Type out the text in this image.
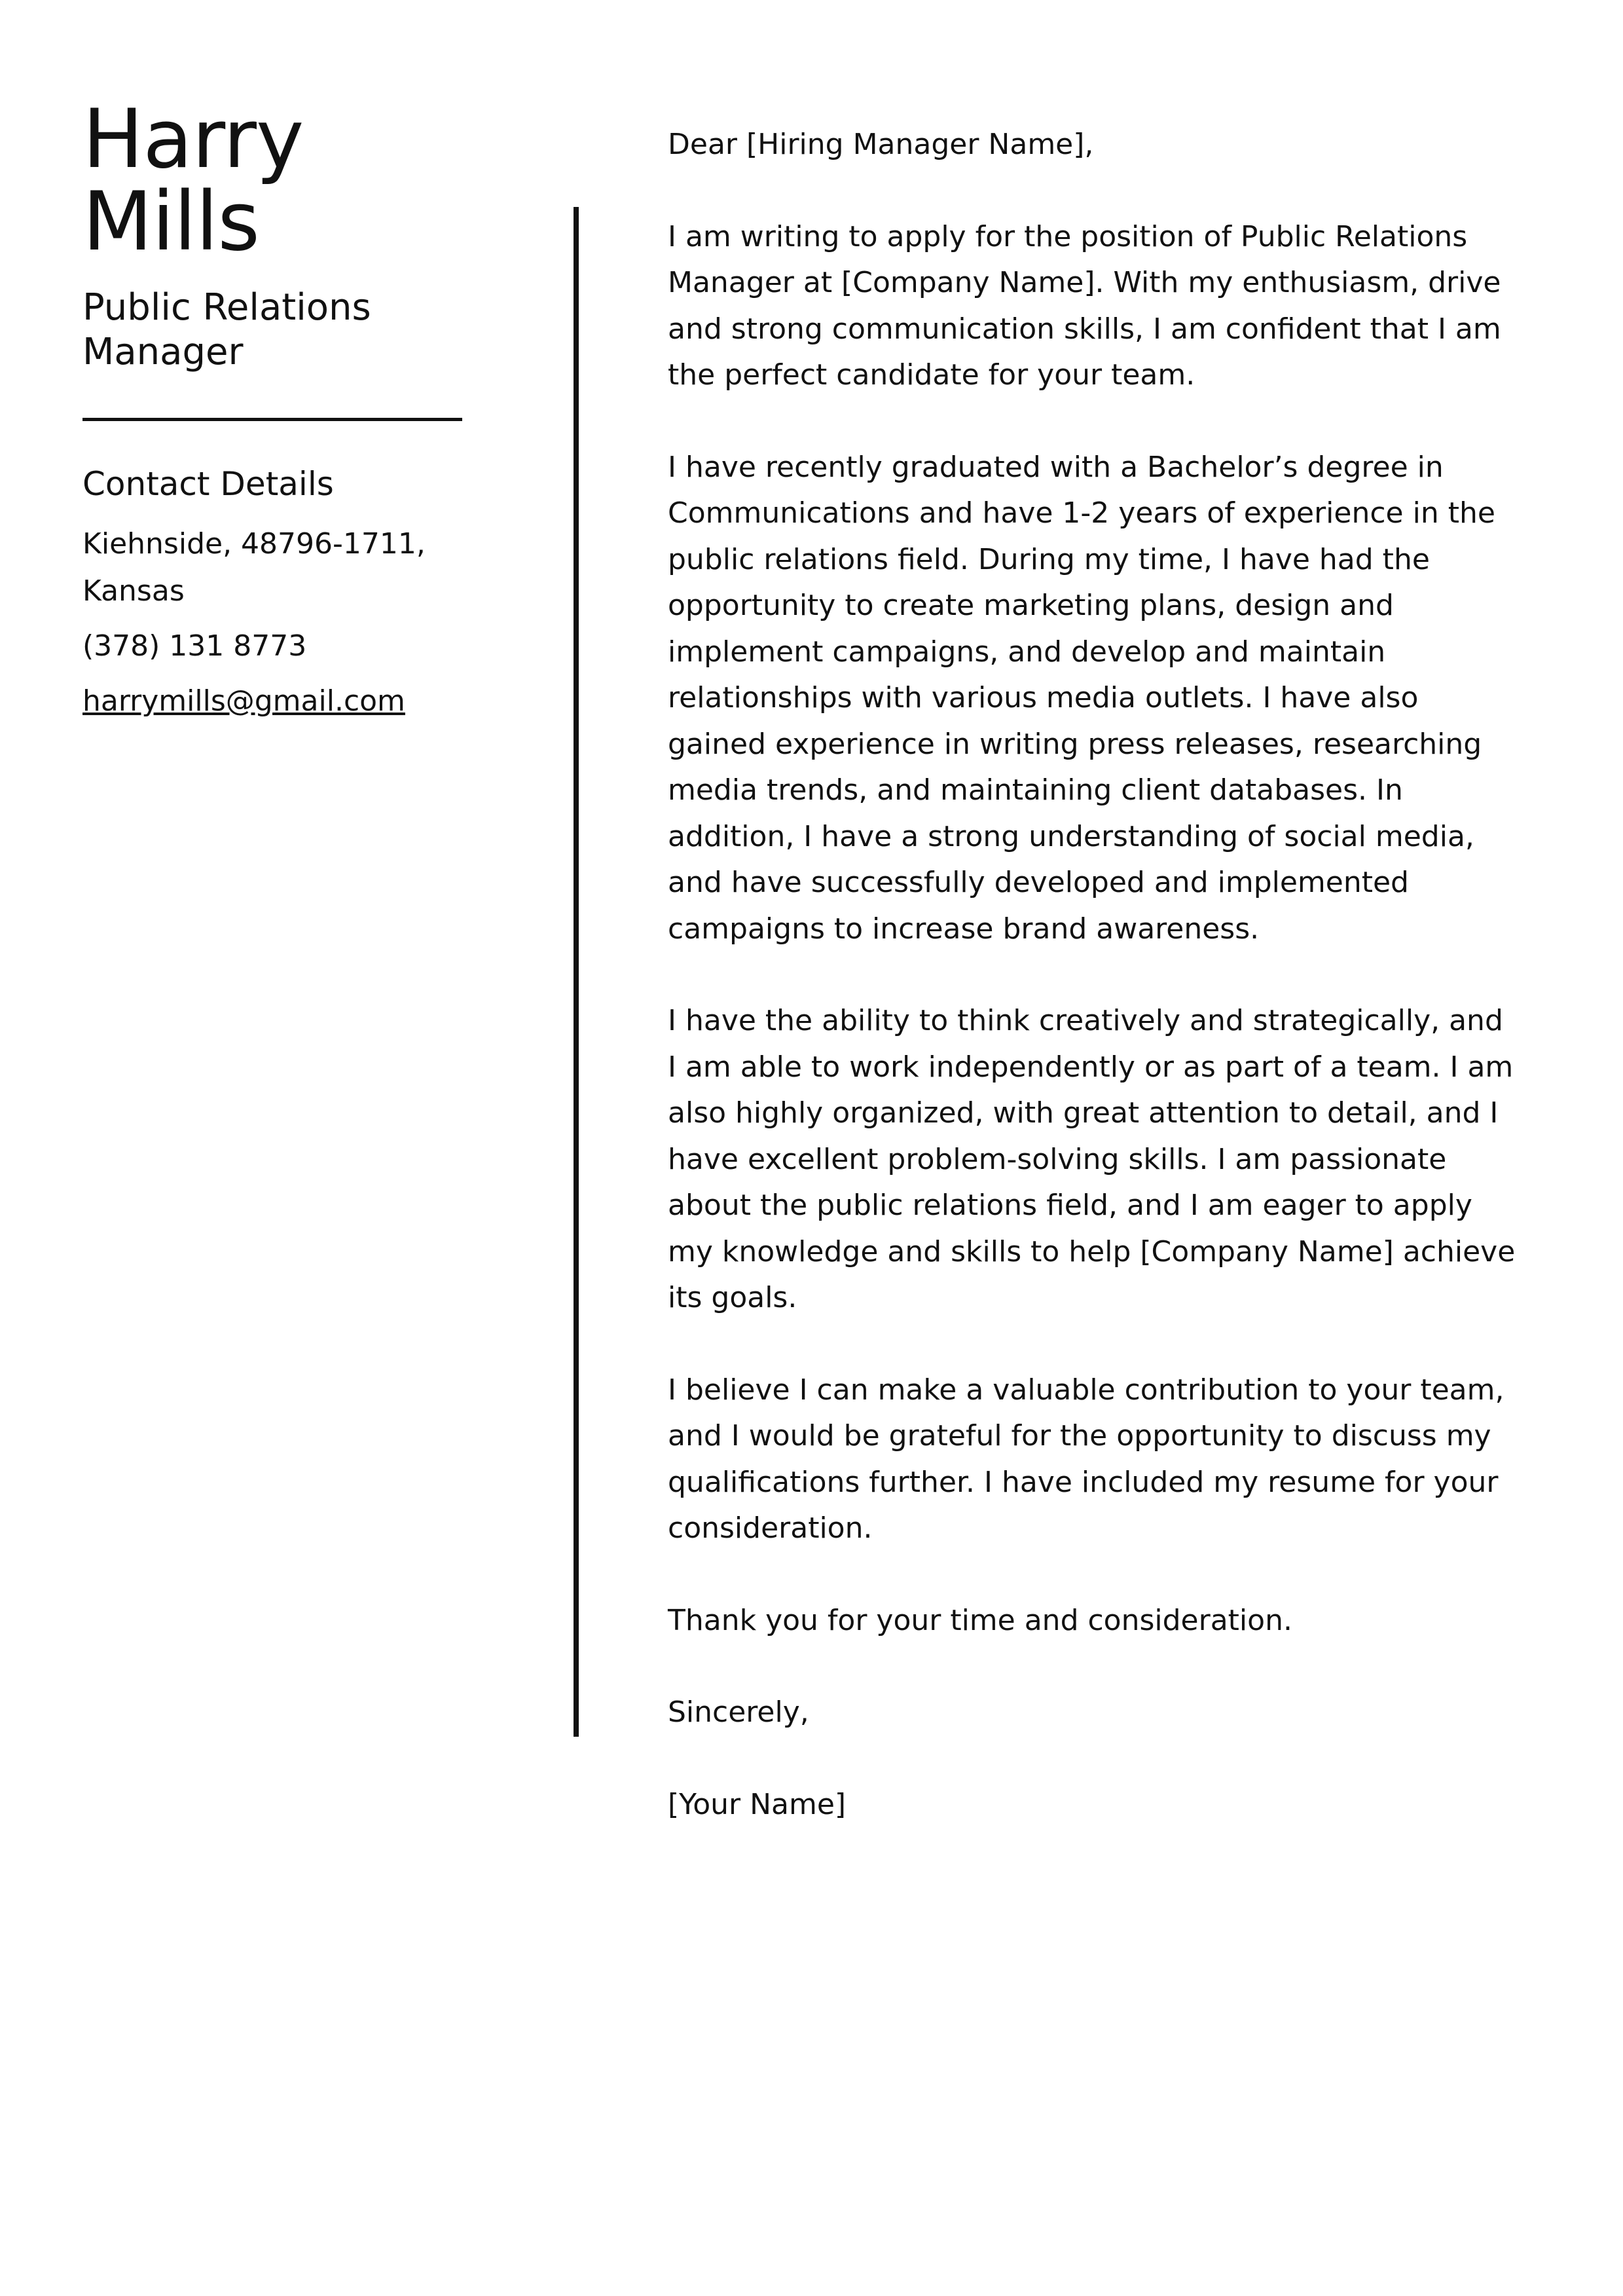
Harry
Mills
Public Relations Manager
Contact Details
Kiehnside, 48796-1711, Kansas
(378) 131 8773
harrymills@gmail.com

Dear [Hiring Manager Name],

I am writing to apply for the position of Public Relations Manager at [Company Name]. With my enthusiasm, drive and strong communication skills, I am confident that I am the perfect candidate for your team.

I have recently graduated with a Bachelor’s degree in Communications and have 1-2 years of experience in the public relations field. During my time, I have had the opportunity to create marketing plans, design and implement campaigns, and develop and maintain relationships with various media outlets. I have also gained experience in writing press releases, researching media trends, and maintaining client databases. In addition, I have a strong understanding of social media, and have successfully developed and implemented campaigns to increase brand awareness.

I have the ability to think creatively and strategically, and I am able to work independently or as part of a team. I am also highly organized, with great attention to detail, and I have excellent problem-solving skills. I am passionate about the public relations field, and I am eager to apply my knowledge and skills to help [Company Name] achieve its goals.

I believe I can make a valuable contribution to your team, and I would be grateful for the opportunity to discuss my qualifications further. I have included my resume for your consideration.

Thank you for your time and consideration.

Sincerely,

[Your Name]
